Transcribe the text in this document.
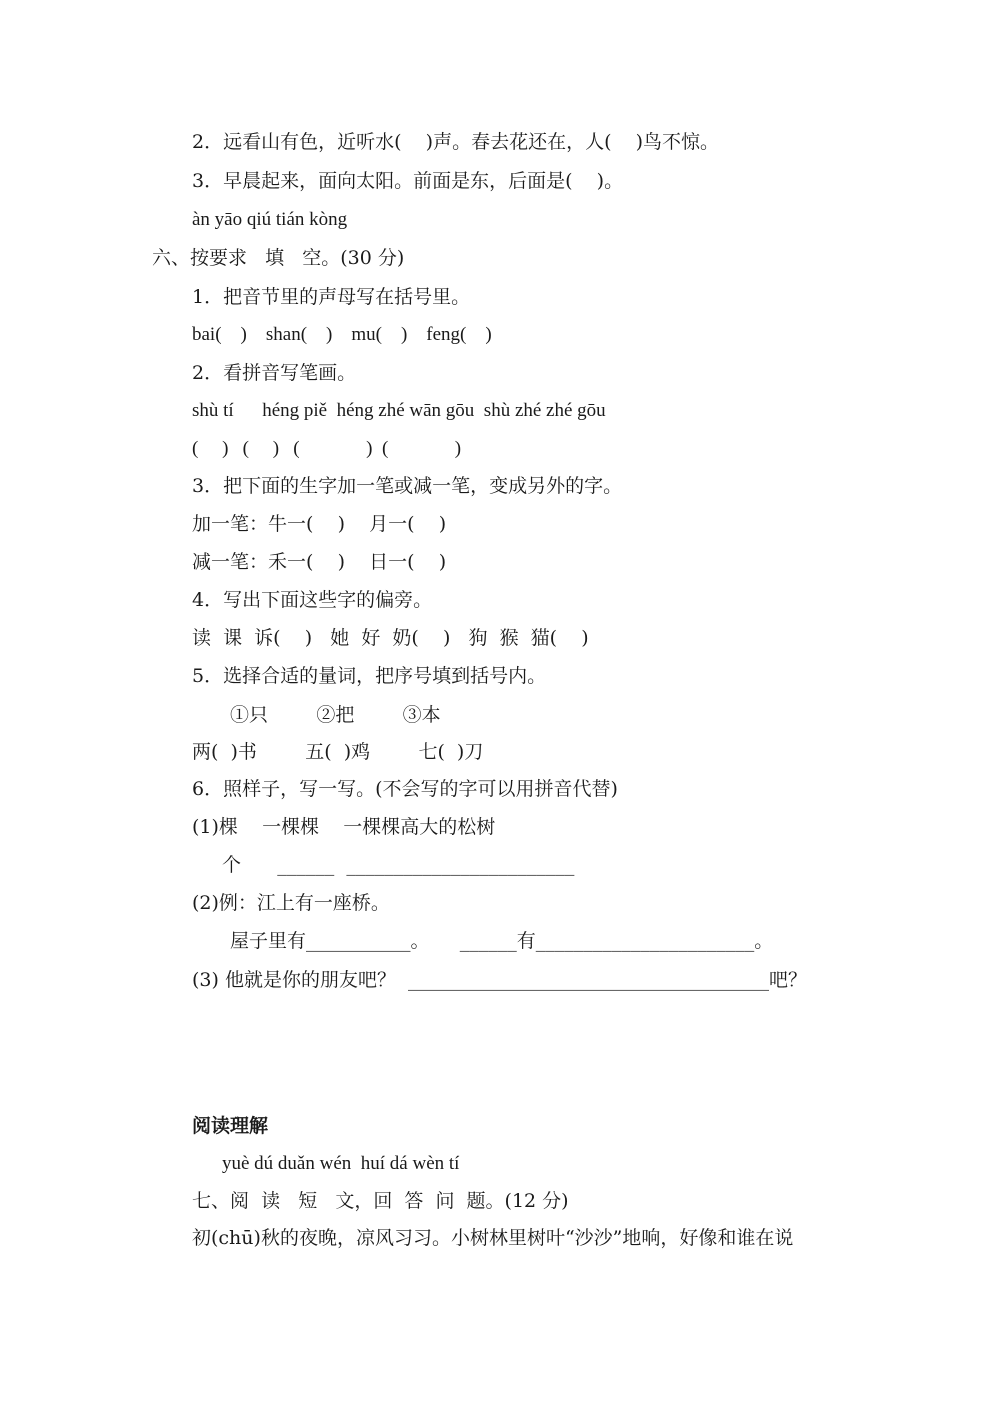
2．远看山有色，近听水(    )声。春去花还在，人(    )鸟不惊。
3．早晨起来，面向太阳。前面是东，后面是(    )。
àn yāo qiú tián kòng
六、按要求   填   空。(30 分)
1．把音节里的声母写在括号里。
bai(    )    shan(    )    mu(    )    feng(    )
2．看拼音写笔画。
shù tí      héng piě  héng zhé wān gōu  shù zhé zhé gōu
(     )   (     )   (              )  (              )
3．把下面的生字加一笔或减一笔，变成另外的字。
加一笔：牛一(    )    月一(    )
减一笔：禾一(    )    日一(    )
4．写出下面这些字的偏旁。
读  课  诉(    )   她  好  奶(    )   狗  猴  猫(    )
5．选择合适的量词，把序号填到括号内。
①只        ②把        ③本
两(  )书        五(  )鸡        七(  )刀
6．照样子，写一写。(不会写的字可以用拼音代替)
(1)棵    一棵棵    一棵棵高大的松树
个      ______  ________________________
(2)例：江上有一座桥。
屋子里有___________。     ______有_______________________。
(3) 他就是你的朋友吧？  ______________________________________吧？
阅读理解
yuè dú duǎn wén  huí dá wèn tí
七、阅  读   短   文，回  答  问  题。(12 分)
初(chū)秋的夜晚，凉风习习。小树林里树叶“沙沙”地响，好像和谁在说
